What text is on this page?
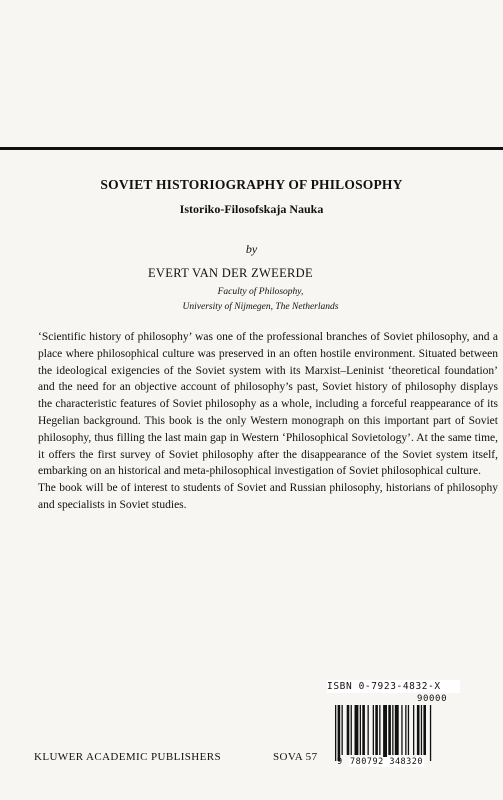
SOVIET HISTORIOGRAPHY OF PHILOSOPHY
Istoriko-Filosofskaja Nauka
by
EVERT VAN DER ZWEERDE
Faculty of Philosophy,
University of Nijmegen, The Netherlands

‘Scientific history of philosophy’ was one of the professional branches of Soviet philosophy, and a place where philosophical culture was preserved in an often hostile environment. Situated between the ideological exigencies of the Soviet system with its Marxist–Leninist ‘theoretical foundation’ and the need for an objective account of philosophy’s past, Soviet history of philosophy displays the characteristic features of Soviet philosophy as a whole, including a forceful reappearance of its Hegelian background. This book is the only Western monograph on this important part of Soviet philosophy, thus filling the last main gap in Western ‘Philosophical Sovietology’. At the same time, it offers the first survey of Soviet philosophy after the disappearance of the Soviet system itself, embarking on an historical and meta-philosophical investigation of Soviet philosophical culture.

The book will be of interest to students of Soviet and Russian philosophy, historians of philosophy and specialists in Soviet studies.

KLUWER ACADEMIC PUBLISHERS	SOVA 57
ISBN 0-7923-4832-X
90000
9 780792 348320
